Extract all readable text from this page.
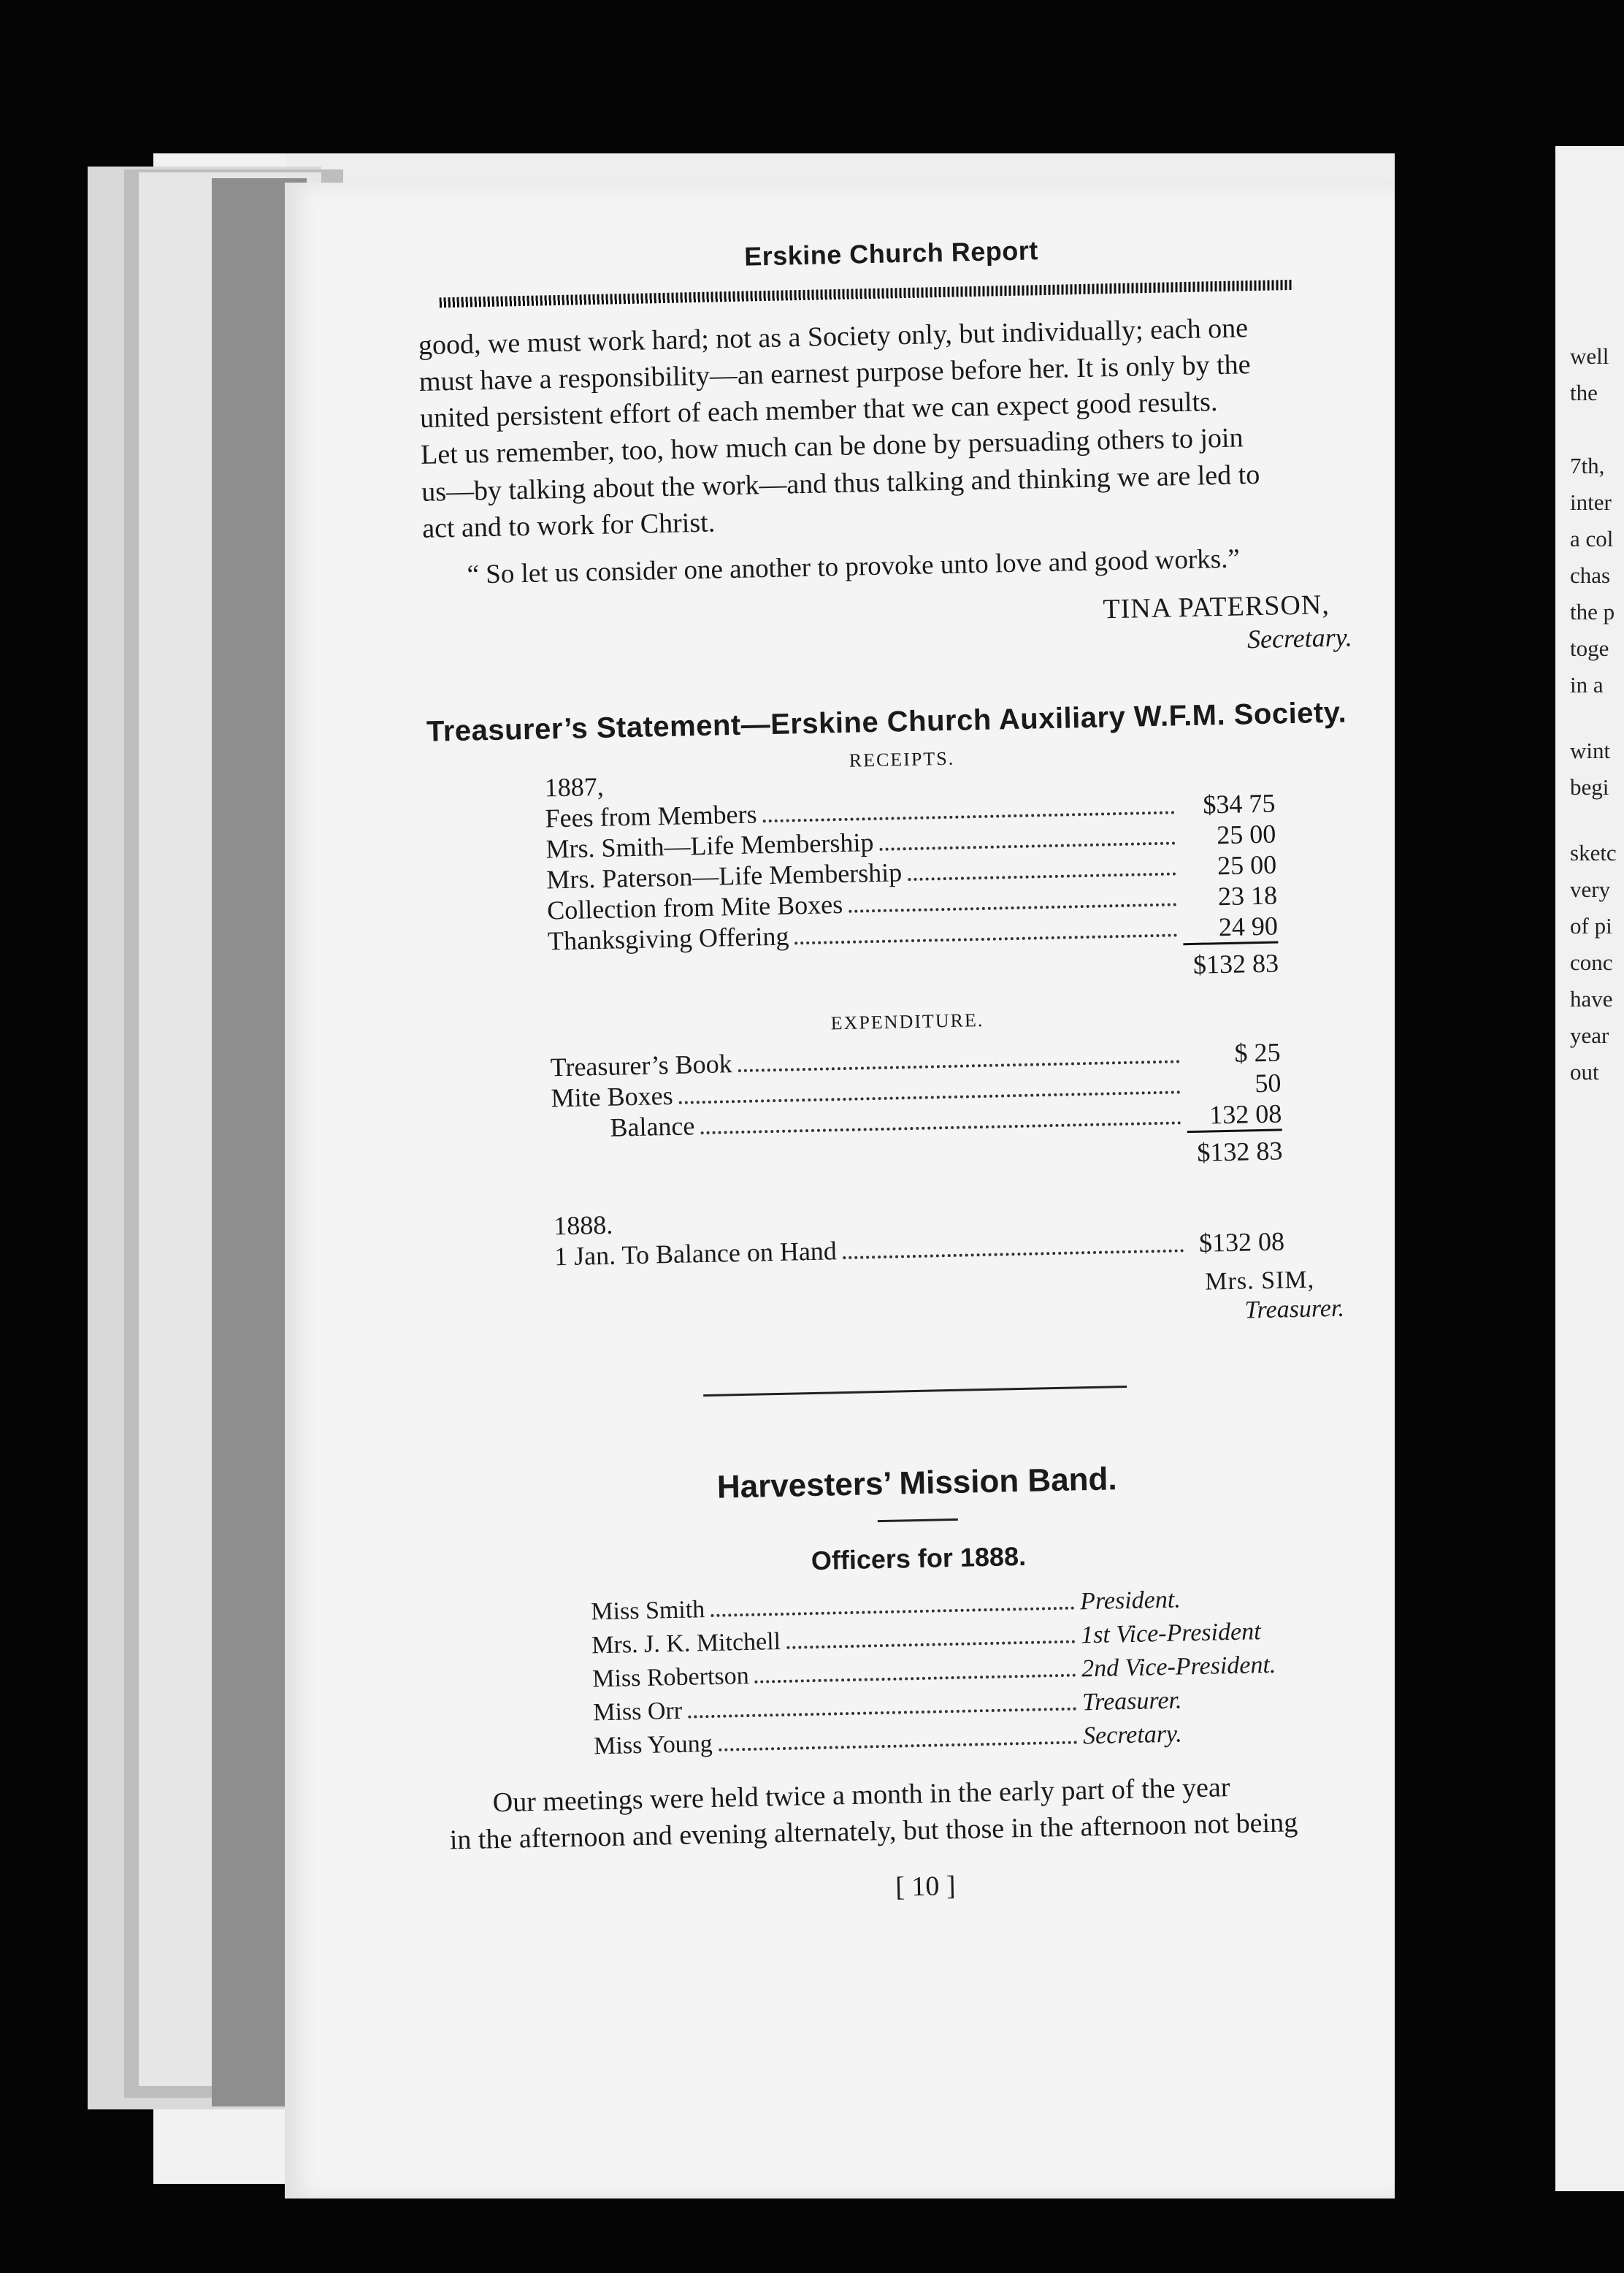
well
the
7th,
inter
a col
chas
the p
toge
in a
wint
begi
sketc
very
of pi
conc
have
year
out
Erskine Church Report

good, we must work hard; not as a Society only, but individually; each one

must have a responsibility—an earnest purpose before her. It is only by the

united persistent effort of each member that we can expect good results.

Let us remember, too, how much can be done by persuading others to join

us—by talking about the work—and thus talking and thinking we are led to

act and to work for Christ.

“ So let us consider one another to provoke unto love and good works.”
TINA PATERSON,
Secretary.
Treasurer’s Statement—Erskine Church Auxiliary W.F.M. Society.
RECEIPTS.
1887,
Fees from Members	$34 75
Mrs. Smith—Life Membership	25 00
Mrs. Paterson—Life Membership	25 00
Collection from Mite Boxes	23 18
Thanksgiving Offering	24 90
$132 83
EXPENDITURE.
Treasurer’s Book	$ 25
Mite Boxes	50
Balance	132 08
$132 83
1888.
1 Jan. To Balance on Hand	$132 08
Mrs. SIM,
Treasurer.
Harvesters’ Mission Band.
Officers for 1888.
Miss Smith	President.
Mrs. J. K. Mitchell	1st Vice-President
Miss Robertson	2nd Vice-President.
Miss Orr	Treasurer.
Miss Young	Secretary.

Our meetings were held twice a month in the early part of the year

in the afternoon and evening alternately, but those in the afternoon not being

[ 10 ]
